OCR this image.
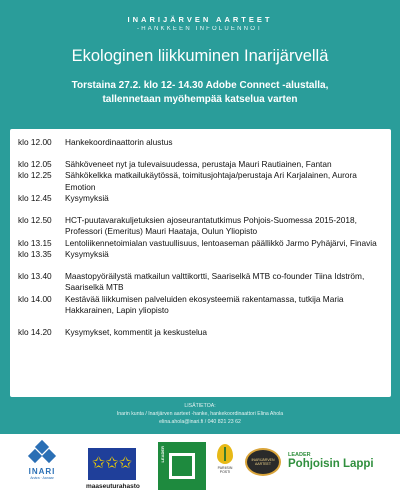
INARIJÄRVEN AARTEET
-HANKKEEN INFOLUENNOT
Ekologinen liikkuminen Inarijärvellä
Torstaina 27.2. klo 12- 14.30 Adobe Connect -alustalla,
tallennetaan myöhempää katselua varten
klo 12.00	Hankekoordinaattorin alustus
klo 12.05	Sähköveneet nyt ja tulevaisuudessa, perustaja Mauri Rautiainen, Fantan
klo 12.25	Sähkökelkka matkailukäytössä, toimitusjohtaja/perustaja Ari Karjalainen, Aurora Emotion
klo 12.45	Kysymyksiä
klo 12.50	HCT-puutavarakuljetuksien ajoseurantatutkimus Pohjois-Suomessa 2015-2018, Professori (Emeritus) Mauri Haataja, Oulun Yliopisto
klo 13.15	Lentoliikennetoimialan vastuullisuus, lentoaseman päällikkö Jarmo Pyhäjärvi, Finavia
klo 13.35	Kysymyksiä
klo 13.40	Maastopyöräilystä matkailun valttikortti, Saariselkä MTB co-founder Tiina Idström, Saariselkä MTB
klo 14.00	Kestävää liikkumisen palveluiden ekosysteemiä rakentamassa, tutkija Maria Hakkarainen, Lapin yliopisto
klo 14.20	Kysymykset, kommentit ja keskustelua
LISÄTIETOA:
Inarin kunta / Inarijärven aarteet -hanke, hankekoordinaattori Elina Ahola
elina.ahola@inari.fi / 040 821 23 62
INARI
Anára · Aanaar
✩✩✩
maaseuturahasto
LEADER
PARIISIN POSTI
INARIJÄRVEN AARTEET
LEADER
Pohjoisin Lappi
